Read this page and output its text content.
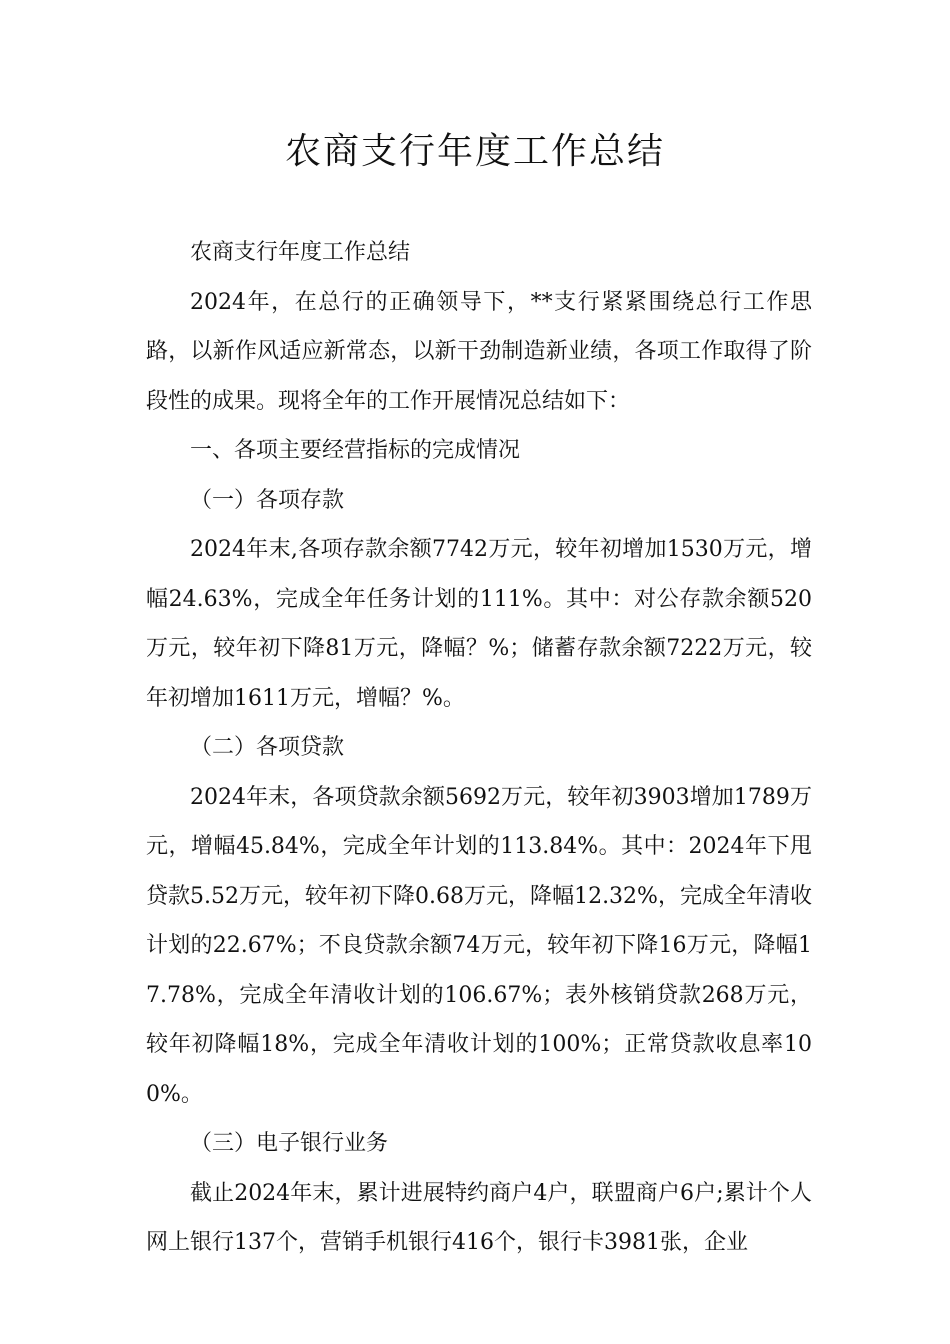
农商支行年度工作总结

农商支行年度工作总结

2024年，在总行的正确领导下，**支行紧紧围绕总行工作思路，以新作风适应新常态，以新干劲制造新业绩，各项工作取得了阶段性的成果。现将全年的工作开展情况总结如下：

一、各项主要经营指标的完成情况

（一）各项存款

2024年末,各项存款余额7742万元，较年初增加1530万元，增幅24.63%，完成全年任务计划的111%。其中：对公存款余额520万元，较年初下降81万元，降幅？%；储蓄存款余额7222万元，较年初增加1611万元，增幅？%。

（二）各项贷款

2024年末，各项贷款余额5692万元，较年初3903增加1789万元，增幅45.84%，完成全年计划的113.84%。其中：2024年下甩贷款5.52万元，较年初下降0.68万元，降幅12.32%，完成全年清收计划的22.67%；不良贷款余额74万元，较年初下降16万元，降幅17.78%，完成全年清收计划的106.67%；表外核销贷款268万元，较年初降幅18%，完成全年清收计划的100%；正常贷款收息率100%。

（三）电子银行业务

截止2024年末，累计进展特约商户4户，联盟商户6户;累计个人网上银行137个，营销手机银行416个，银行卡3981张，企业
